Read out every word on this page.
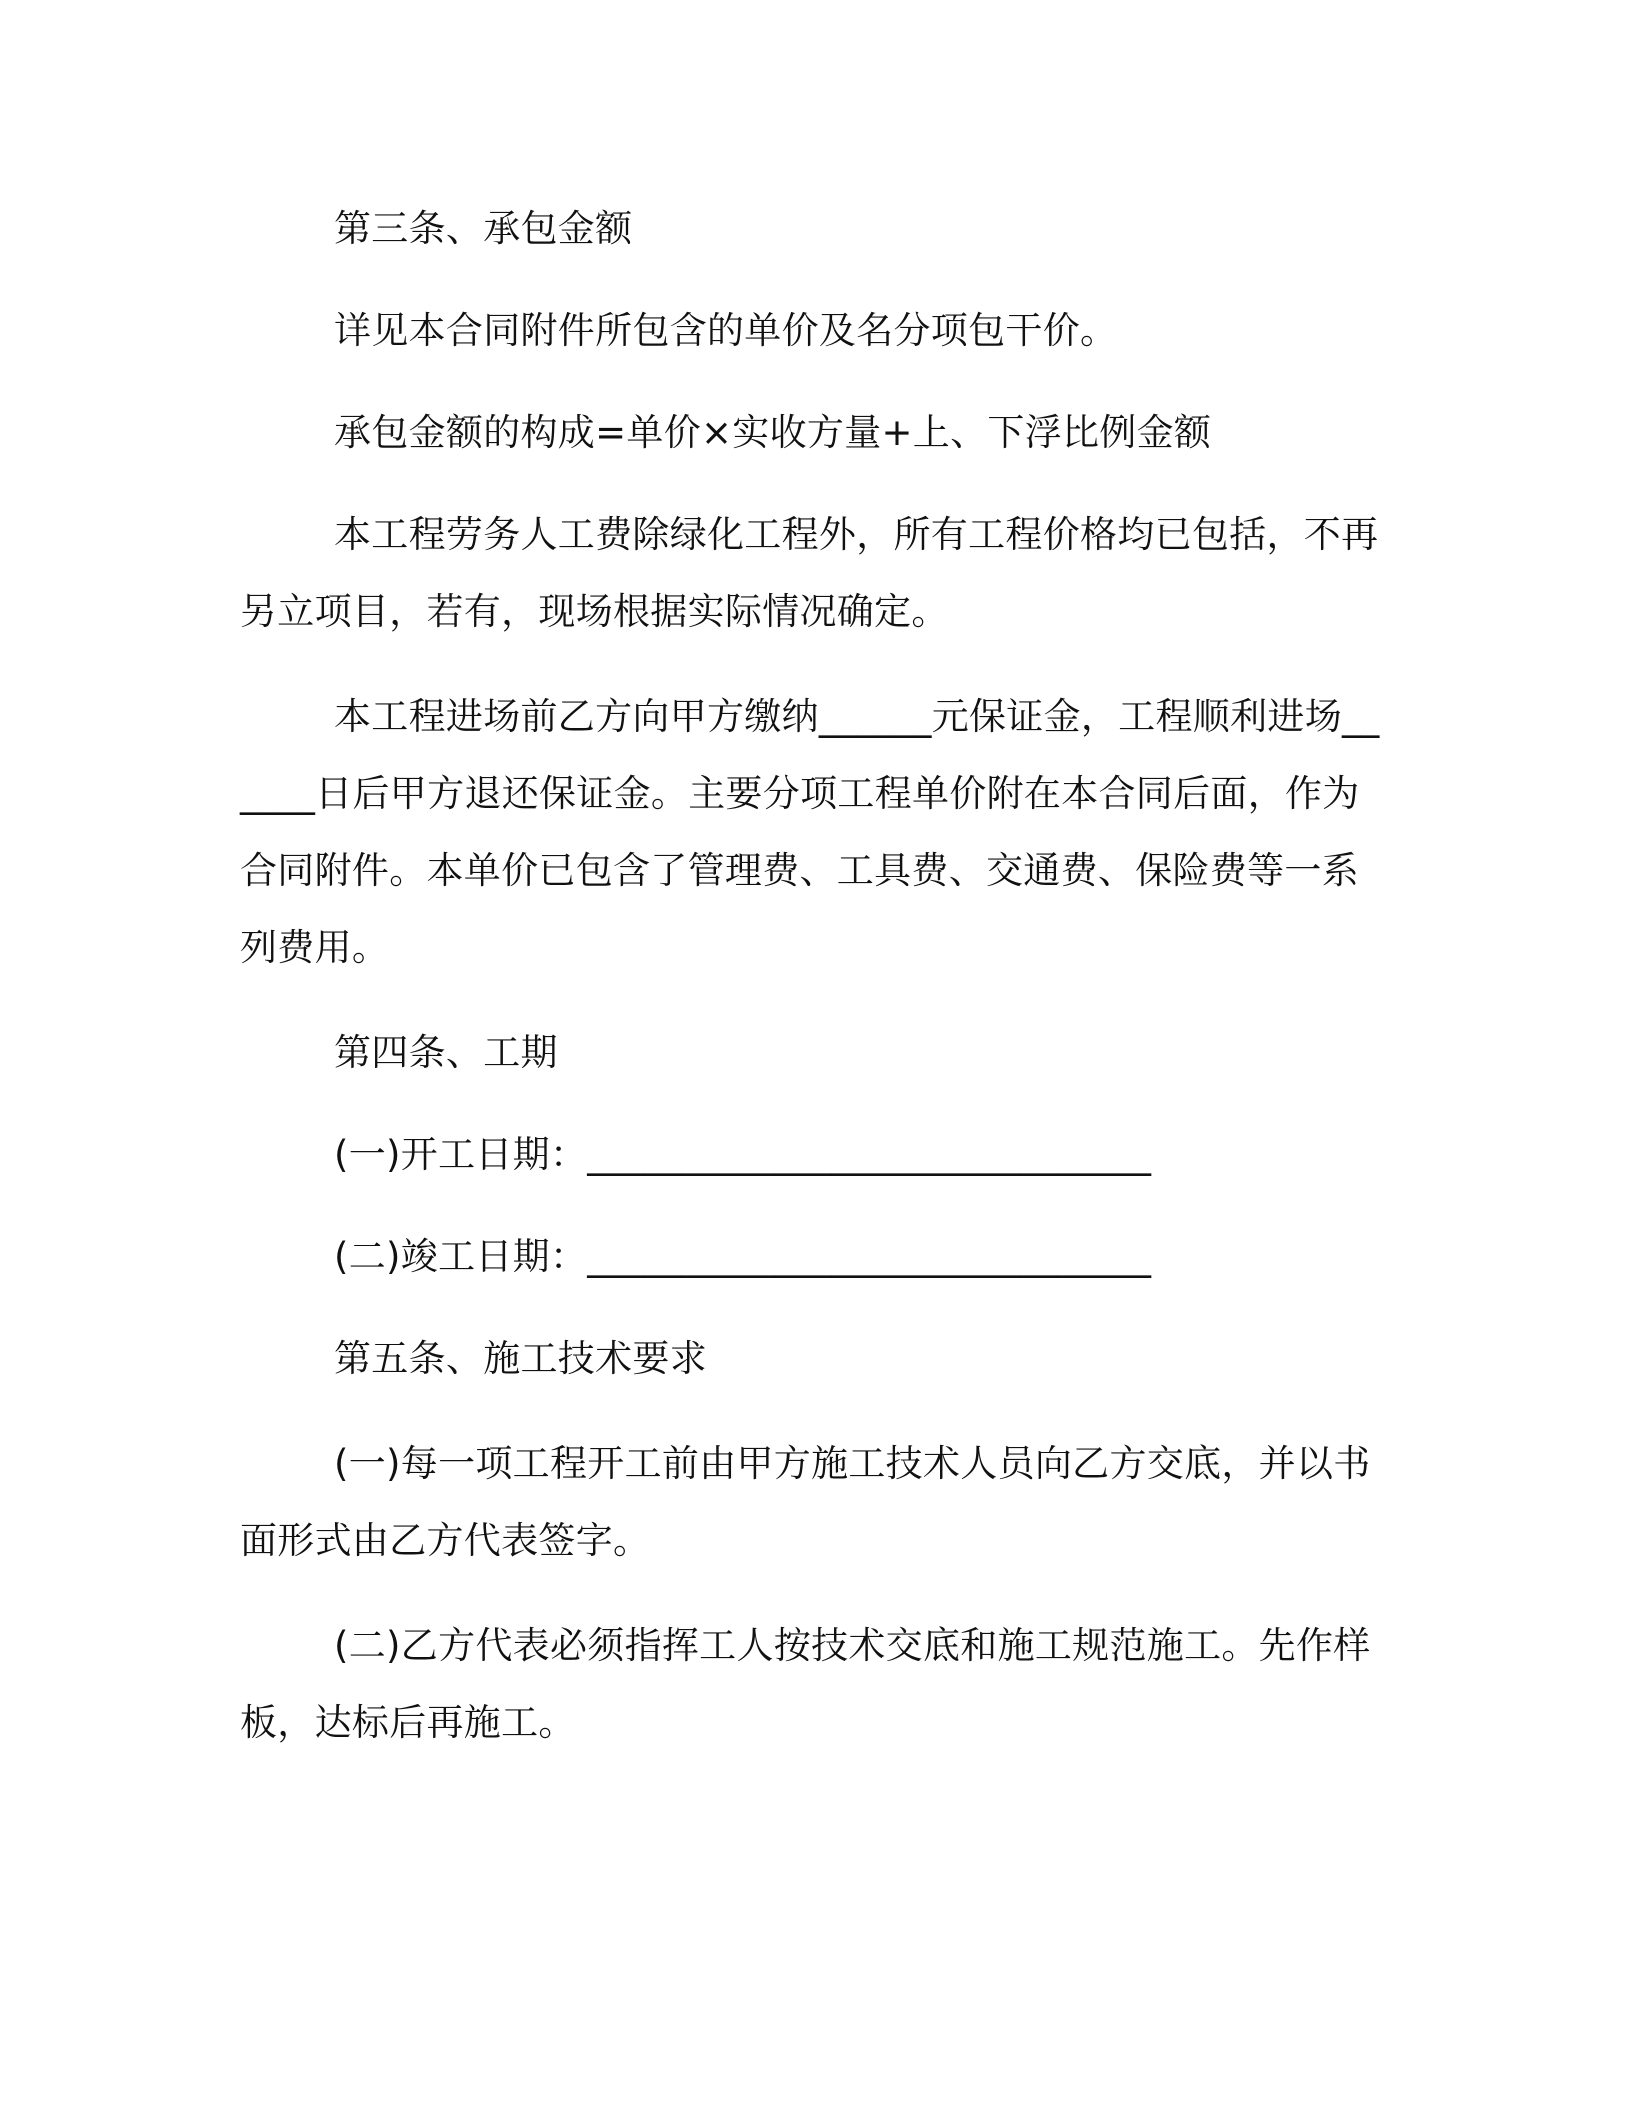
第三条、承包金额

详见本合同附件所包含的单价及名分项包干价。

承包金额的构成=单价×实收方量+上、下浮比例金额

本工程劳务人工费除绿化工程外，所有工程价格均已包括，不再另立项目，若有，现场根据实际情况确定。

本工程进场前乙方向甲方缴纳______元保证金，工程顺利进场______日后甲方退还保证金。主要分项工程单价附在本合同后面，作为合同附件。本单价已包含了管理费、工具费、交通费、保险费等一系列费用。

第四条、工期

(一)开工日期：______________________________

(二)竣工日期：______________________________

第五条、施工技术要求

(一)每一项工程开工前由甲方施工技术人员向乙方交底，并以书面形式由乙方代表签字。

(二)乙方代表必须指挥工人按技术交底和施工规范施工。先作样板，达标后再施工。
